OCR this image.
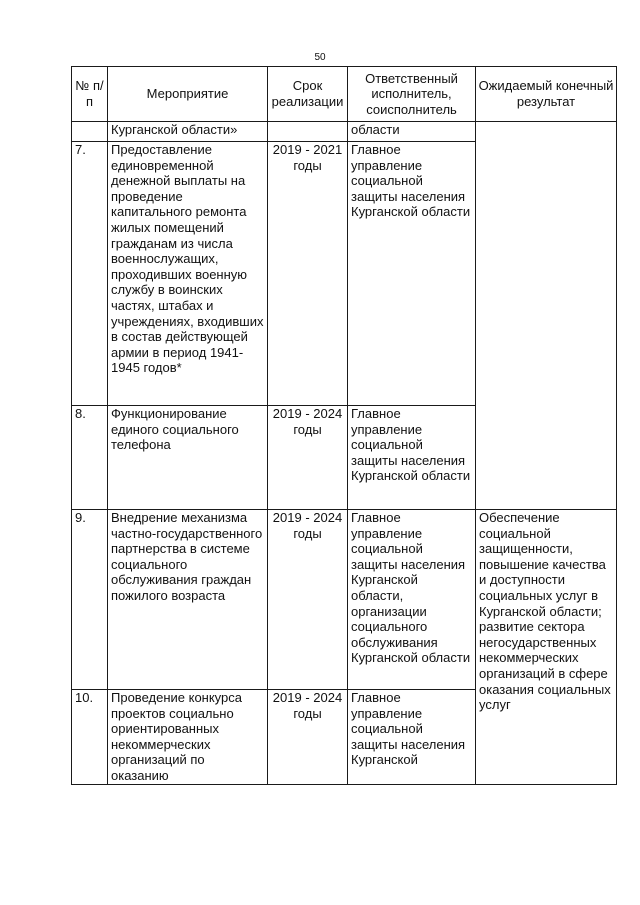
50
№ п/п	Мероприятие	Срок реализации	Ответственный исполнитель, соисполнитель	Ожидаемый конечный результат
	Курганской области»		области	
7.	Предоставление единовременной денежной выплаты на проведение капитального ремонта жилых помещений гражданам из числа военнослужащих, проходивших военную службу в воинских частях, штабах и учреждениях, входивших в состав действующей армии в период 1941-1945 годов*	2019 - 2021 годы	Главное управление социальной защиты населения Курганской области	
8.	Функционирование единого социального телефона	2019 - 2024 годы	Главное управление социальной защиты населения Курганской области	
9.	Внедрение механизма частно-государственного партнерства в системе социального обслуживания граждан пожилого возраста	2019 - 2024 годы	Главное управление социальной защиты населения Курганской области, организации социального обслуживания Курганской области	Обеспечение социальной защищенности, повышение качества и доступности социальных услуг в Курганской области; развитие сектора негосударственных некоммерческих организаций в сфере оказания социальных услуг
10.	Проведение конкурса проектов социально ориентированных некоммерческих организаций по оказанию	2019 - 2024 годы	Главное управление социальной защиты населения Курганской	
